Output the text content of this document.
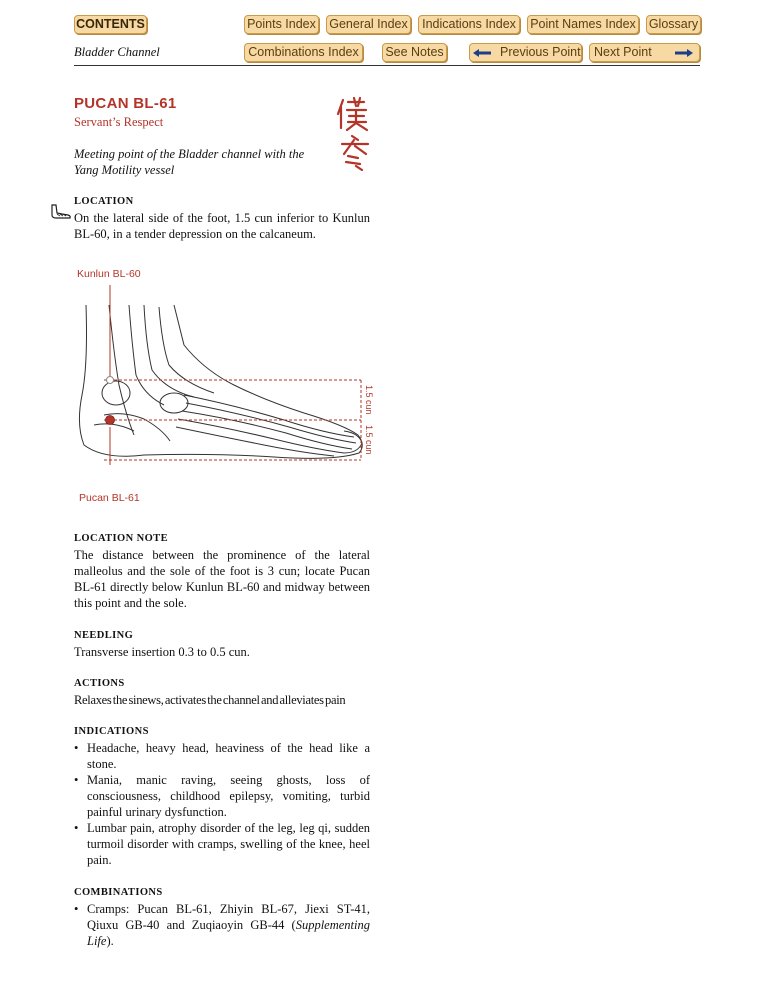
CONTENTS	Points Index General Index	Indications Index	Point Names Index Glossary
Bladder Channel	Combinations Index	See Notes	Previous Point Next Point
PUCAN BL-61
Servant’s Respect
Meeting point of the Bladder channel with the Yang Motility vessel
LOCATION
On the lateral side of the foot, 1.5 cun inferior to Kunlun BL-60, in a tender depression on the calcaneum.
Kunlun BL-60
Pucan BL-61
1.5 cun
1.5 cun
LOCATION NOTE
The distance between the prominence of the lateral malleolus and the sole of the foot is 3 cun; locate Pucan BL-61 directly below Kunlun BL-60 and midway between this point and the sole.
NEEDLING
Transverse insertion 0.3 to 0.5 cun.
ACTIONS
Relaxes the sinews, activates the channel and alleviates pain
INDICATIONS
• Headache, heavy head, heaviness of the head like a stone.
• Mania, manic raving, seeing ghosts, loss of consciousness, childhood epilepsy, vomiting, turbid painful urinary dysfunction.
• Lumbar pain, atrophy disorder of the leg, leg qi, sudden turmoil disorder with cramps, swelling of the knee, heel pain.
COMBINATIONS
• Cramps: Pucan BL-61, Zhiyin BL-67, Jiexi ST-41, Qiuxu GB-40 and Zuqiaoyin GB-44 (Supplementing Life).
